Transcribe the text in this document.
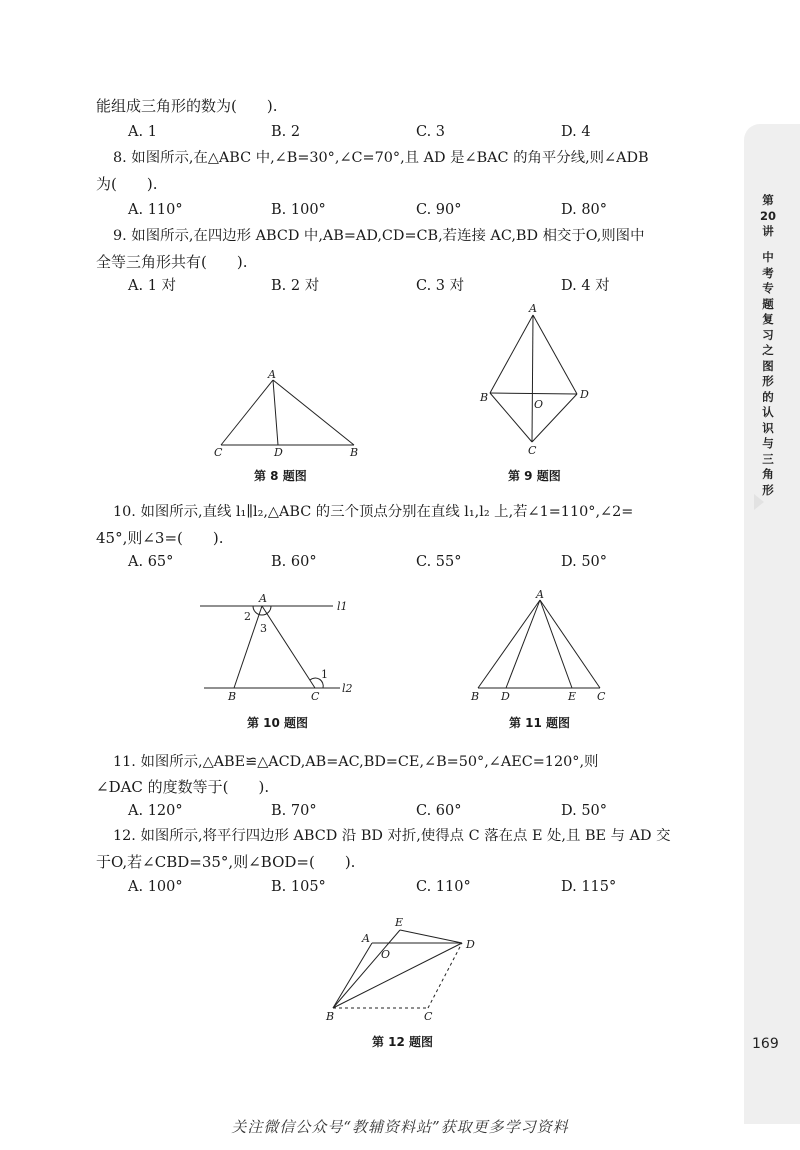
第20讲
中考专题复习之图形的认识与三角形
能组成三角形的数为(　　).
A. 1	B. 2	C. 3	D. 4
8. 如图所示,在△ABC 中,∠B=30°,∠C=70°,且 AD 是∠BAC 的角平分线,则∠ADB
为(　　).
A. 110°	B. 100°	C. 90°	D. 80°
9. 如图所示,在四边形 ABCD 中,AB=AD,CD=CB,若连接 AC,BD 相交于O,则图中
全等三角形共有(　　).
A. 1 对	B. 2 对	C. 3 对	D. 4 对
A
C	D	B
第 8 题图
A
B
O
D
C
第 9 题图
10. 如图所示,直线 l₁∥l₂,△ABC 的三个顶点分别在直线 l₁,l₂ 上,若∠1=110°,∠2=
45°,则∠3=(　　).
A. 65°	B. 60°	C. 55°	D. 50°
A
2
3
1
B	C
l1
l2
第 10 题图
A
B D	E C
第 11 题图
11. 如图所示,△ABE≌△ACD,AB=AC,BD=CE,∠B=50°,∠AEC=120°,则
∠DAC 的度数等于(　　).
A. 120°	B. 70°	C. 60°	D. 50°
12. 如图所示,将平行四边形 ABCD 沿 BD 对折,使得点 C 落在点 E 处,且 BE 与 AD 交
于O,若∠CBD=35°,则∠BOD=(　　).
A. 100°	B. 105°	C. 110°	D. 115°
E
A
O
D
B	C
第 12 题图	169
关注微信公众号“教辅资料站”获取更多学习资料
